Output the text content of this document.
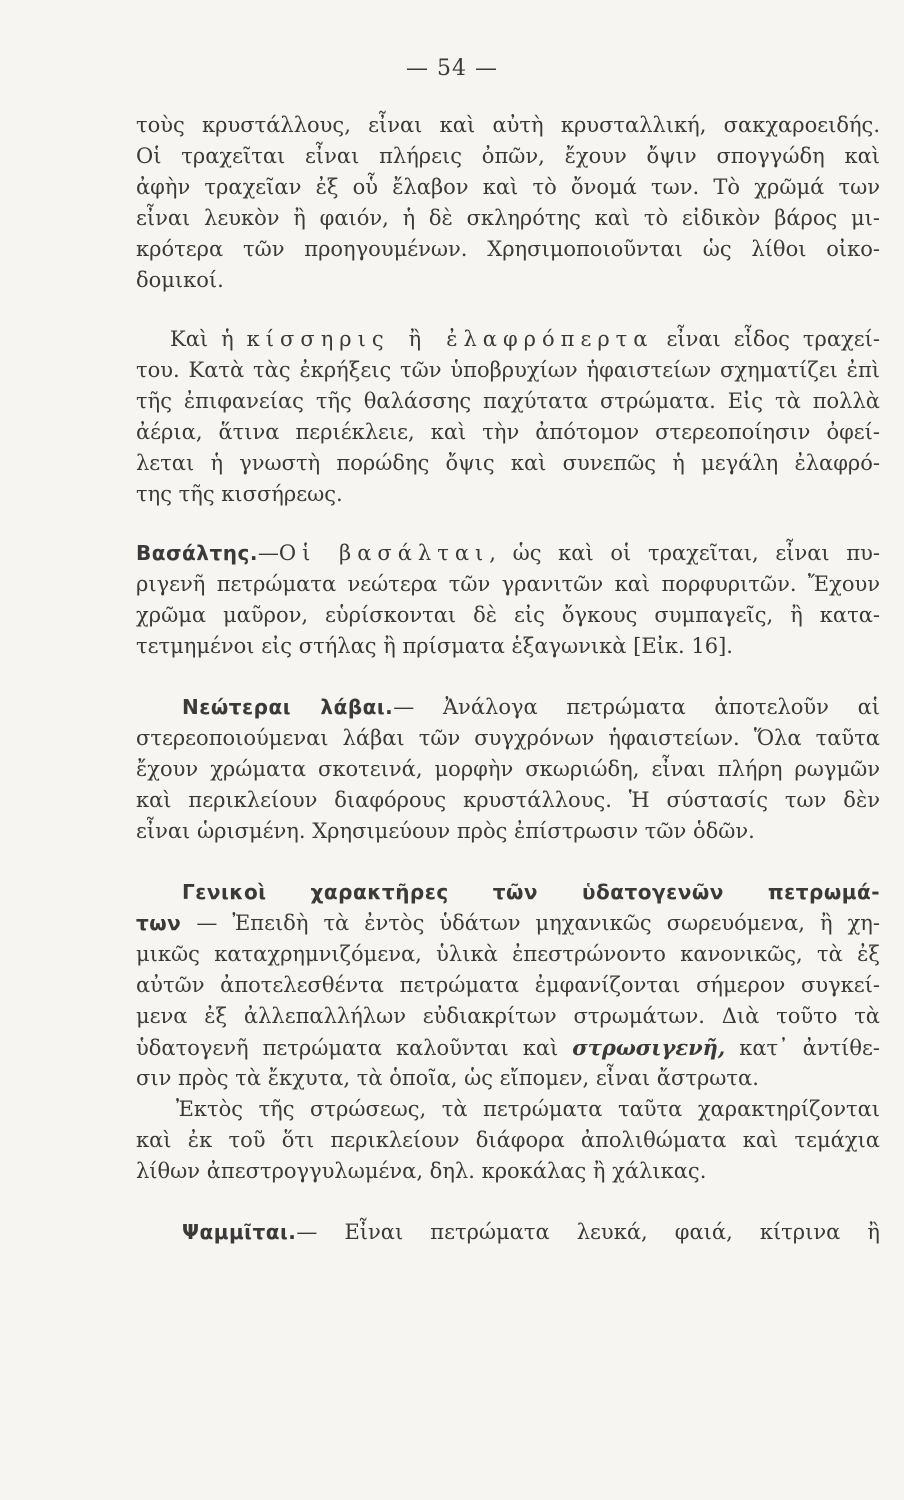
— 54 —
τοὺς κρυστάλλους, εἶναι καὶ αὐτὴ κρυσταλλική, σακχαροειδής.
Οἱ τραχεῖται εἶναι πλήρεις ὀπῶν, ἔχουν ὄψιν σπογγώδη καὶ
ἀφὴν τραχεῖαν ἐξ οὗ ἔλαβον καὶ τὸ ὄνομά των. Τὸ χρῶμά των
εἶναι λευκὸν ἢ φαιόν, ἡ δὲ σκληρότης καὶ τὸ εἰδικὸν βάρος μι-
κρότερα τῶν προηγουμένων. Χρησιμοποιοῦνται ὡς λίθοι οἰκο-
δομικοί.
Καὶ ἡ κίσσηρις ἢ ἐλαφρόπερτα εἶναι εἶδος τραχεί-
του. Κατὰ τὰς ἐκρήξεις τῶν ὑποβρυχίων ἡφαιστείων σχηματίζει ἐπὶ
τῆς ἐπιφανείας τῆς θαλάσσης παχύτατα στρώματα. Εἰς τὰ πολλὰ
ἀέρια, ἅτινα περιέκλειε, καὶ τὴν ἀπότομον στερεοποίησιν ὀφεί-
λεται ἡ γνωστὴ πορώδης ὄψις καὶ συνεπῶς ἡ μεγάλη ἐλαφρό-
της τῆς κισσήρεως.
Βασάλτης.—Οἱ βασάλται, ὡς καὶ οἱ τραχεῖται, εἶναι πυ-
ριγενῆ πετρώματα νεώτερα τῶν γρανιτῶν καὶ πορφυριτῶν. Ἔχουν
χρῶμα μαῦρον, εὑρίσκονται δὲ εἰς ὄγκους συμπαγεῖς, ἢ κατα-
τετμημένοι εἰς στήλας ἢ πρίσματα ἑξαγωνικὰ [Εἰκ. 16].
Νεώτεραι λάβαι.— Ἀνάλογα πετρώματα ἀποτελοῦν αἱ
στερεοποιούμεναι λάβαι τῶν συγχρόνων ἡφαιστείων. Ὅλα ταῦτα
ἔχουν χρώματα σκοτεινά, μορφὴν σκωριώδη, εἶναι πλήρη ρωγμῶν
καὶ περικλείουν διαφόρους κρυστάλλους. Ἡ σύστασίς των δὲν
εἶναι ὡρισμένη. Χρησιμεύουν πρὸς ἐπίστρωσιν τῶν ὁδῶν.
Γενικοὶ χαρακτῆρες τῶν ὑδατογενῶν πετρωμά-
των — Ἐπειδὴ τὰ ἐντὸς ὑδάτων μηχανικῶς σωρευόμενα, ἢ χη-
μικῶς καταχρημνιζόμενα, ὑλικὰ ἐπεστρώνοντο κανονικῶς, τὰ ἐξ
αὐτῶν ἀποτελεσθέντα πετρώματα ἐμφανίζονται σήμερον συγκεί-
μενα ἐξ ἀλλεπαλλήλων εὐδιακρίτων στρωμάτων. Διὰ τοῦτο τὰ
ὑδατογενῆ πετρώματα καλοῦνται καὶ στρωσιγενῆ, κατ᾽ ἀντίθε-
σιν πρὸς τὰ ἔκχυτα, τὰ ὁποῖα, ὡς εἴπομεν, εἶναι ἄστρωτα.
Ἐκτὸς τῆς στρώσεως, τὰ πετρώματα ταῦτα χαρακτηρίζονται
καὶ ἐκ τοῦ ὅτι περικλείουν διάφορα ἀπολιθώματα καὶ τεμάχια
λίθων ἀπεστρογγυλωμένα, δηλ. κροκάλας ἢ χάλικας.
Ψαμμῖται.— Εἶναι πετρώματα λευκά, φαιά, κίτρινα ἢ
